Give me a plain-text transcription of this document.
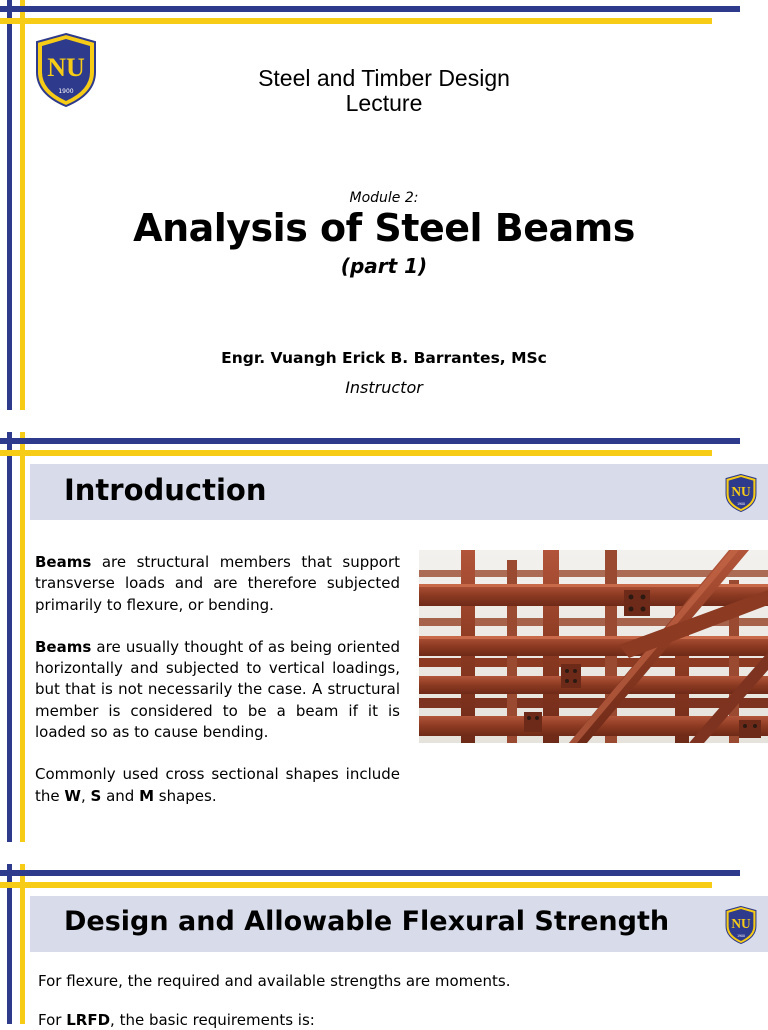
NU
1900
Steel and Timber Design
Lecture
Module 2:
Analysis of Steel Beams
(part 1)
Engr. Vuangh Erick B. Barrantes, MSc
Instructor
Introduction	NU
1900

Beams are structural members that support transverse loads and are therefore subjected primarily to flexure, or bending.

Beams are usually thought of as being oriented horizontally and subjected to vertical loadings, but that is not necessarily the case. A structural member is considered to be a beam if it is loaded so as to cause bending.

Commonly used cross sectional shapes include the W, S and M shapes.

Design and Allowable Flexural Strength NU
1900
For flexure, the required and available strengths are moments.
For LRFD, the basic requirements is:
